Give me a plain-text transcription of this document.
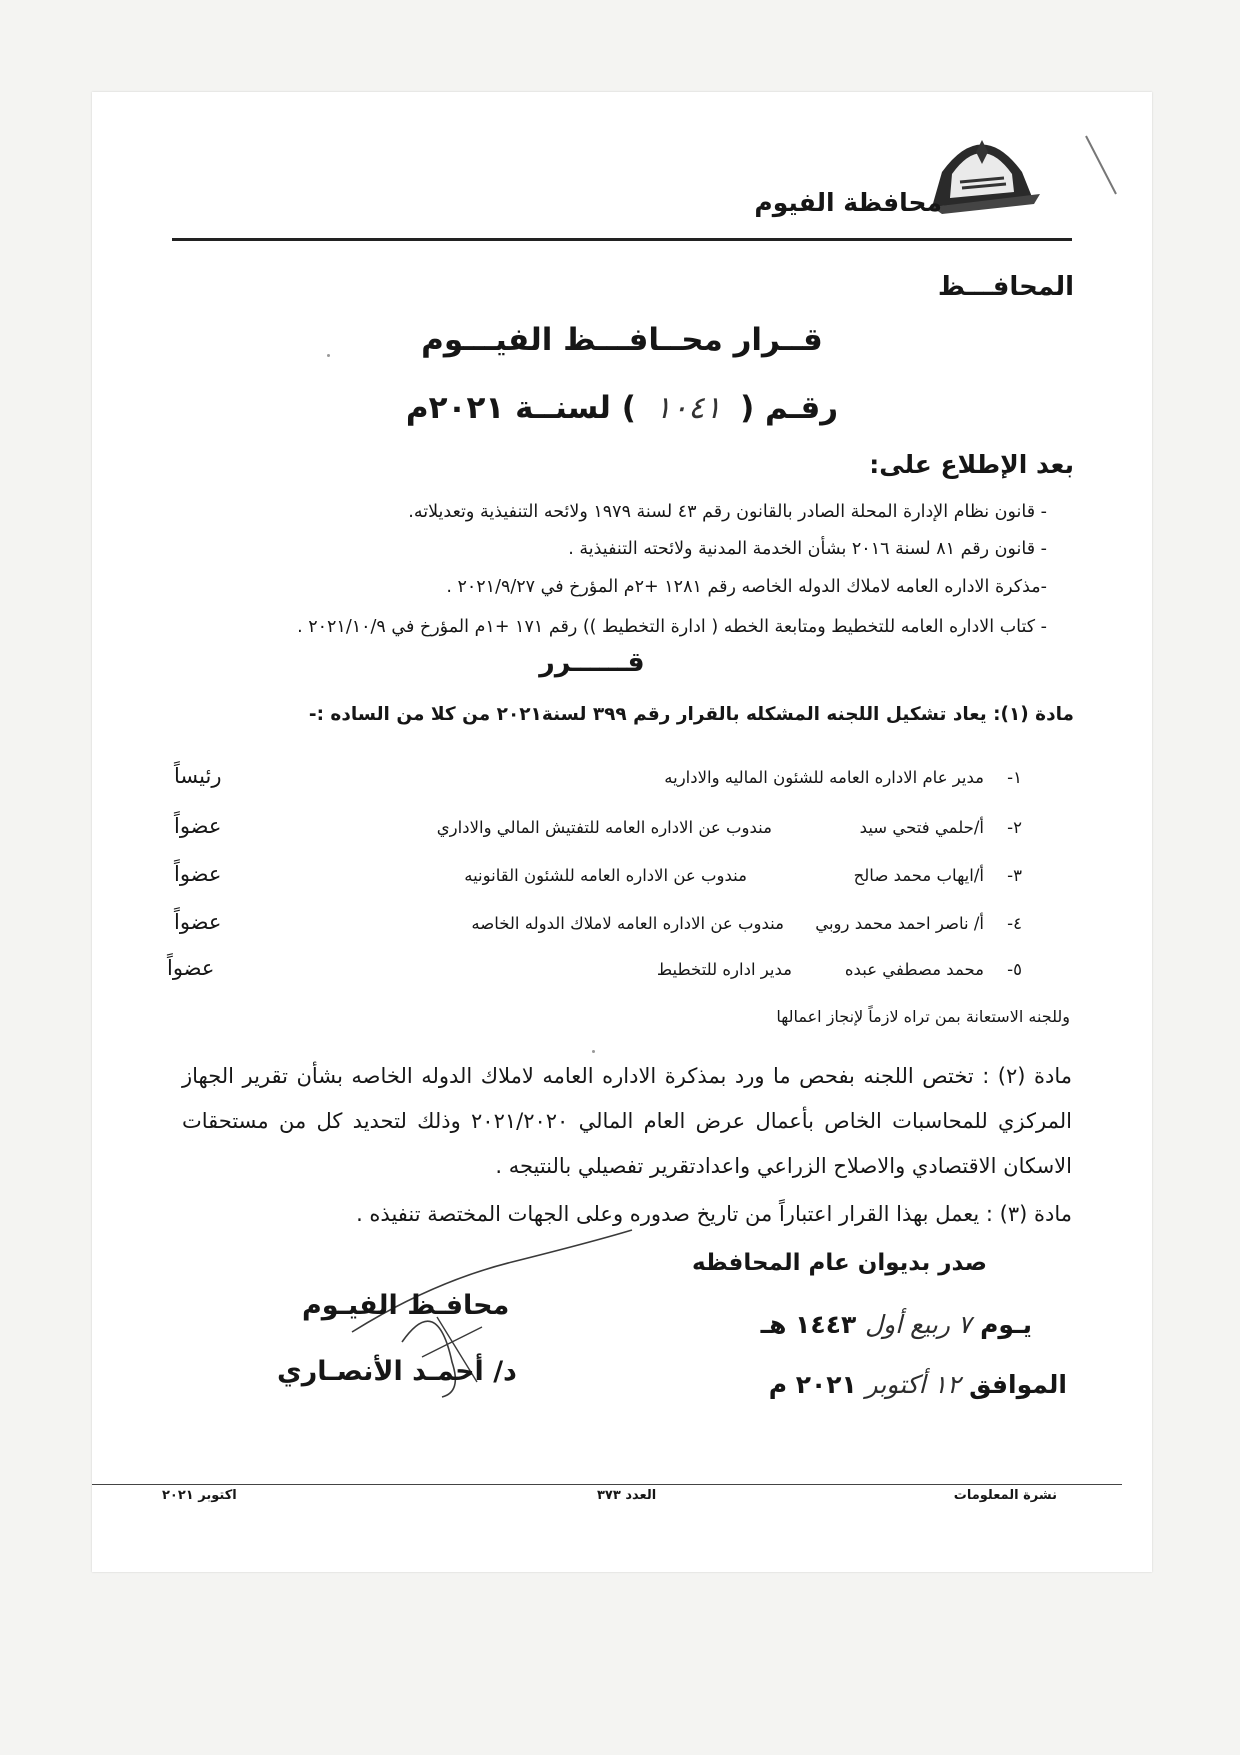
محافظة الفيوم
المحافـــظ
قــرار محــافـــظ الفيـــوم
رقـم ( ١٠٤١ ) لسنــة ٢٠٢١م
بعد الإطلاع على:
- قانون نظام الإدارة المحلة الصادر بالقانون رقم ٤٣ لسنة ١٩٧٩ ولائحه التنفيذية وتعديلاته.
- قانون رقم ٨١ لسنة ٢٠١٦ بشأن الخدمة المدنية ولائحته التنفيذية .
-مذكرة الاداره العامه لاملاك الدوله الخاصه رقم ١٢٨١ +٢م المؤرخ في ٢٠٢١/٩/٢٧ .
- كتاب الاداره العامه للتخطيط ومتابعة الخطه ( ادارة التخطيط )) رقم ١٧١ +١م المؤرخ في ٢٠٢١/١٠/٩ .
قــــــرر
مادة (١): يعاد تشكيل اللجنه المشكله بالقرار رقم ٣٩٩ لسنة٢٠٢١ من كلا من الساده :-
١-
مدير عام الاداره العامه للشئون الماليه والاداريه
رئيساً
٢-
أ/حلمي فتحي سيد
مندوب عن الاداره العامه للتفتيش المالي والاداري
عضواً
٣-
أ/ايهاب محمد صالح
مندوب عن الاداره العامه للشئون القانونيه
عضواً
٤-
أ/ ناصر احمد محمد روبي
مندوب عن الاداره العامه لاملاك الدوله الخاصه
عضواً
٥-
محمد مصطفي عبده
مدير اداره للتخطيط
عضواً
وللجنه الاستعانة بمن تراه لازماً لإنجاز اعمالها
مادة (٢) : تختص اللجنه بفحص ما ورد بمذكرة الاداره العامه لاملاك الدوله الخاصه بشأن تقرير الجهاز المركزي للمحاسبات الخاص بأعمال عرض العام المالي ٢٠٢١/٢٠٢٠ وذلك لتحديد كل من مستحقات الاسكان الاقتصادي والاصلاح الزراعي واعدادتقرير تفصيلي بالنتيجه .
مادة (٣) : يعمل بهذا القرار اعتباراً من تاريخ صدوره وعلى الجهات المختصة تنفيذه .
صدر بديوان عام المحافظه
يـوم ٧ ربيع أول ١٤٤٣ هـ
الموافق ١٢ أكتوبر ٢٠٢١ م
محافـظ الفيـوم
د/ أحمـد الأنصـاري
نشرة المعلومات
العدد ٣٧٣
اكتوبر ٢٠٢١
